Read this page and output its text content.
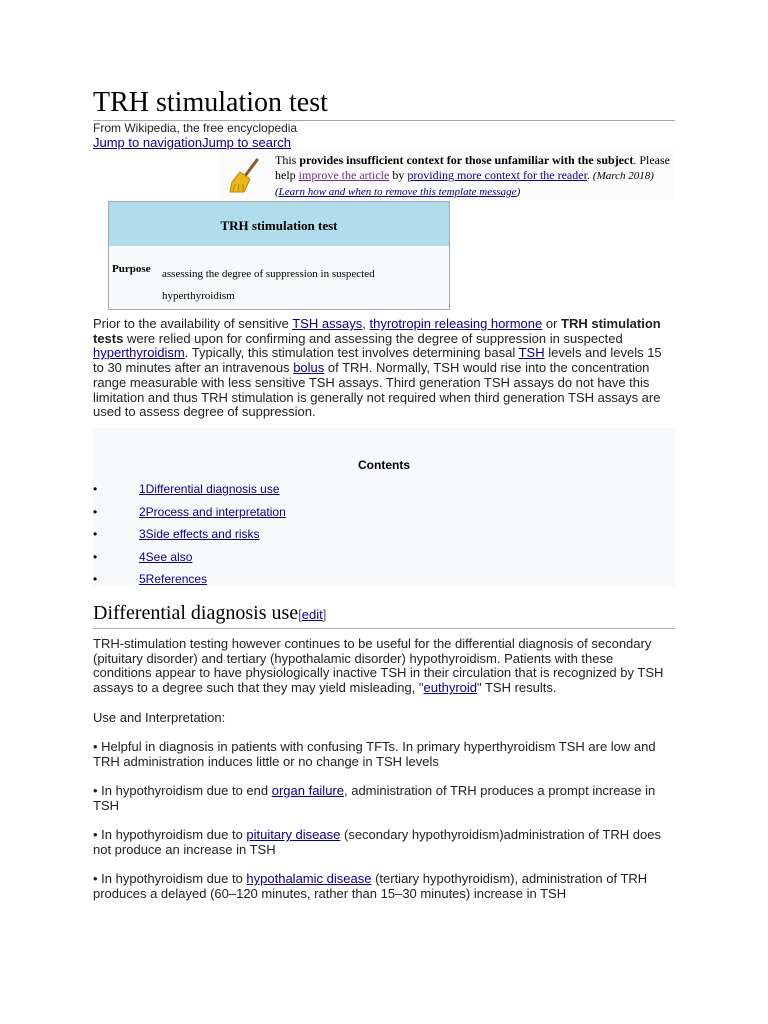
TRH stimulation test
From Wikipedia, the free encyclopedia
Jump to navigationJump to search
This provides insufficient context for those unfamiliar with the subject. Please help improve the article by providing more context for the reader. (March 2018) (Learn how and when to remove this template message)
TRH stimulation test
Purpose assessing the degree of suppression in suspected hyperthyroidism
Prior to the availability of sensitive TSH assays, thyrotropin releasing hormone or TRH stimulation tests were relied upon for confirming and assessing the degree of suppression in suspected hyperthyroidism. Typically, this stimulation test involves determining basal TSH levels and levels 15 to 30 minutes after an intravenous bolus of TRH. Normally, TSH would rise into the concentration range measurable with less sensitive TSH assays. Third generation TSH assays do not have this limitation and thus TRH stimulation is generally not required when third generation TSH assays are used to assess degree of suppression.
Contents
•	1Differential diagnosis use
•	2Process and interpretation
•	3Side effects and risks
•	4See also
•	5References
Differential diagnosis use[edit]
TRH-stimulation testing however continues to be useful for the differential diagnosis of secondary (pituitary disorder) and tertiary (hypothalamic disorder) hypothyroidism. Patients with these conditions appear to have physiologically inactive TSH in their circulation that is recognized by TSH assays to a degree such that they may yield misleading, "euthyroid" TSH results.
Use and Interpretation:
• Helpful in diagnosis in patients with confusing TFTs. In primary hyperthyroidism TSH are low and TRH administration induces little or no change in TSH levels
• In hypothyroidism due to end organ failure, administration of TRH produces a prompt increase in TSH
• In hypothyroidism due to pituitary disease (secondary hypothyroidism)administration of TRH does not produce an increase in TSH
• In hypothyroidism due to hypothalamic disease (tertiary hypothyroidism), administration of TRH produces a delayed (60–120 minutes, rather than 15–30 minutes) increase in TSH
